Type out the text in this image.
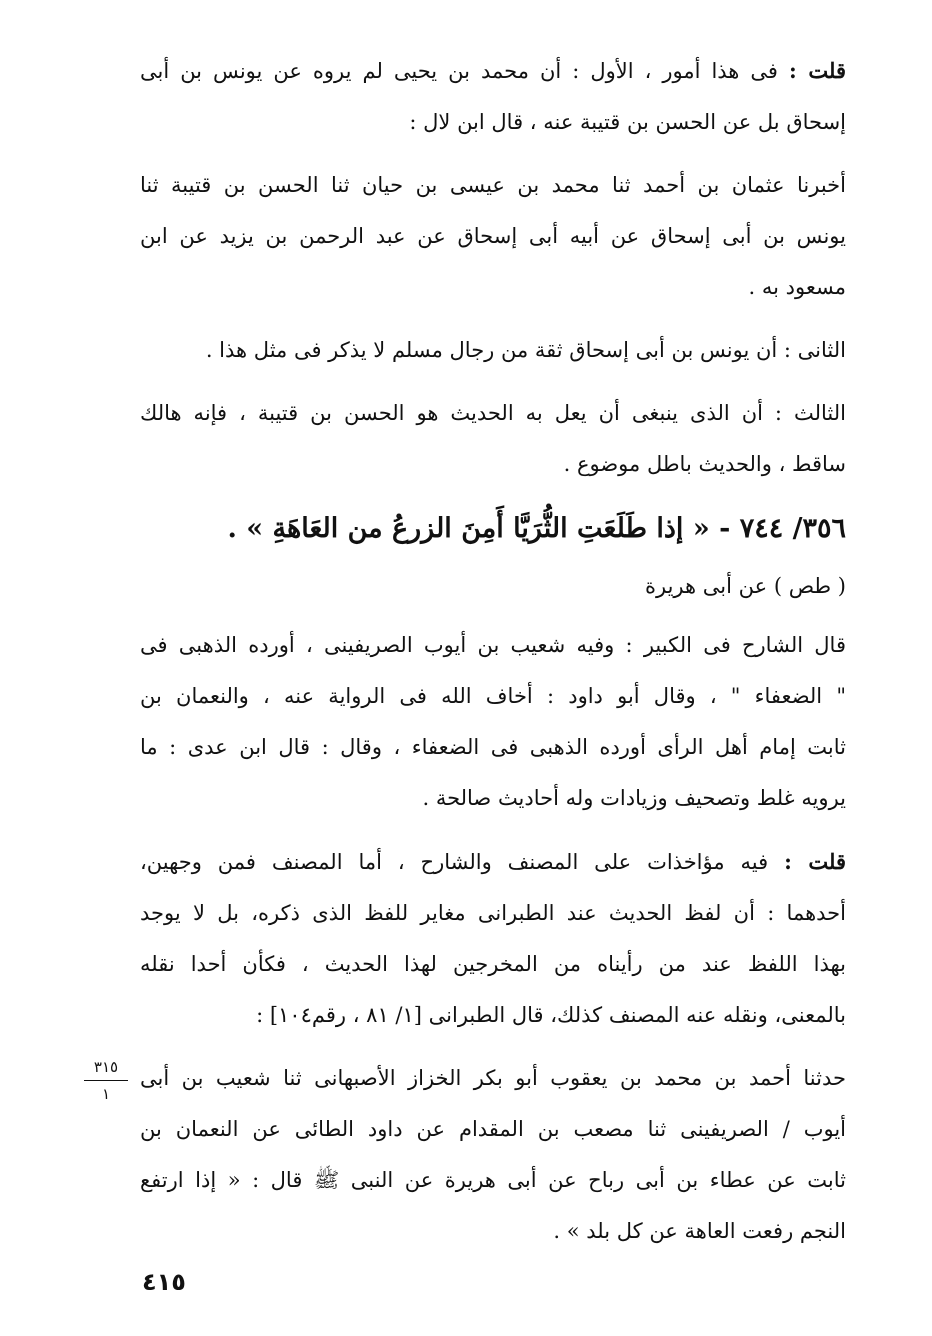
قلت : فى هذا أمور ، الأول : أن محمد بن يحيى لم يروه عن يونس بن أبى
إسحاق بل عن الحسن بن قتيبة عنه ، قال ابن لال :
أخبرنا عثمان بن أحمد ثنا محمد بن عيسى بن حيان ثنا الحسن بن قتيبة ثنا
يونس بن أبى إسحاق عن أبيه أبى إسحاق عن عبد الرحمن بن يزيد عن ابن
مسعود به .
الثانى : أن يونس بن أبى إسحاق ثقة من رجال مسلم لا يذكر فى مثل هذا .
الثالث : أن الذى ينبغى أن يعل به الحديث هو الحسن بن قتيبة ، فإنه هالك
ساقط ، والحديث باطل موضوع .
٣٥٦/ ٧٤٤ - « إذا طَلَعَتِ الثُّرَيَّا أَمِنَ الزرعُ من العَاهَةِ » .
( طص ) عن أبى هريرة
قال الشارح فى الكبير : وفيه شعيب بن أيوب الصريفينى ، أورده الذهبى فى
" الضعفاء " ، وقال أبو داود : أخاف الله فى الرواية عنه ، والنعمان بن
ثابت إمام أهل الرأى أورده الذهبى فى الضعفاء ، وقال : قال ابن عدى : ما
يرويه غلط وتصحيف وزيادات وله أحاديث صالحة .
قلت : فيه مؤاخذات على المصنف والشارح ، أما المصنف فمن وجهين،
أحدهما : أن لفظ الحديث عند الطبرانى مغاير للفظ الذى ذكره، بل لا يوجد
بهذا اللفظ عند من رأيناه من المخرجين لهذا الحديث ، فكأن أحدا نقله
بالمعنى، ونقله عنه المصنف كذلك، قال الطبرانى [١/ ٨١ ، رقم١٠٤] :
حدثنا أحمد بن محمد بن يعقوب أبو بكر الخزاز الأصبهانى ثنا شعيب بن أبى
أيوب / الصريفينى ثنا مصعب بن المقدام عن داود الطائى عن النعمان بن
ثابت عن عطاء بن أبى رباح عن أبى هريرة عن النبى ﷺ قال : « إذا ارتفع
النجم رفعت العاهة عن كل بلد » .
٣١٥
١
٤١٥
